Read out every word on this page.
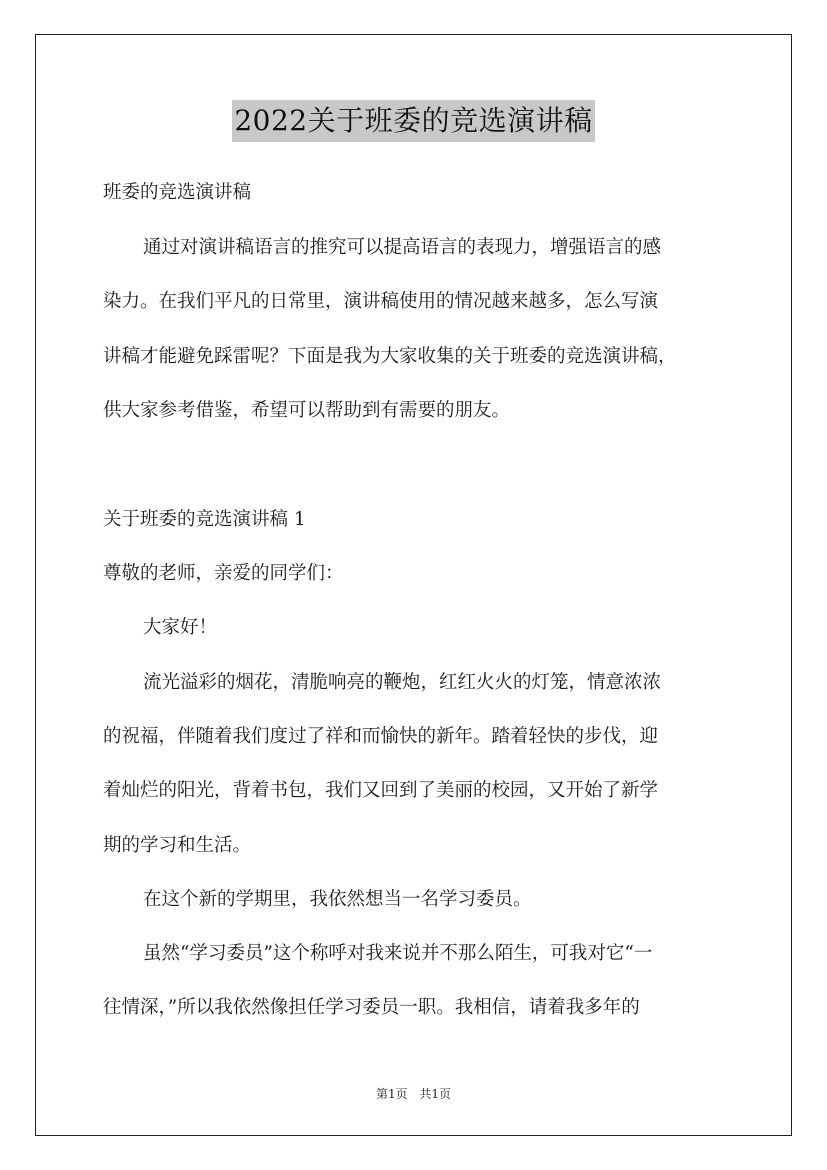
2022关于班委的竞选演讲稿
班委的竞选演讲稿
通过对演讲稿语言的推究可以提高语言的表现力，增强语言的感
染力。在我们平凡的日常里，演讲稿使用的情况越来越多，怎么写演
讲稿才能避免踩雷呢？下面是我为大家收集的关于班委的竞选演讲稿，
供大家参考借鉴，希望可以帮助到有需要的朋友。
关于班委的竞选演讲稿 1
尊敬的老师，亲爱的同学们：
大家好！
流光溢彩的烟花，清脆响亮的鞭炮，红红火火的灯笼，情意浓浓
的祝福，伴随着我们度过了祥和而愉快的新年。踏着轻快的步伐，迎
着灿烂的阳光，背着书包，我们又回到了美丽的校园，又开始了新学
期的学习和生活。
在这个新的学期里，我依然想当一名学习委员。
虽然“学习委员”这个称呼对我来说并不那么陌生，可我对它“一
往情深，”所以我依然像担任学习委员一职。我相信，请着我多年的
第1页 共1页
